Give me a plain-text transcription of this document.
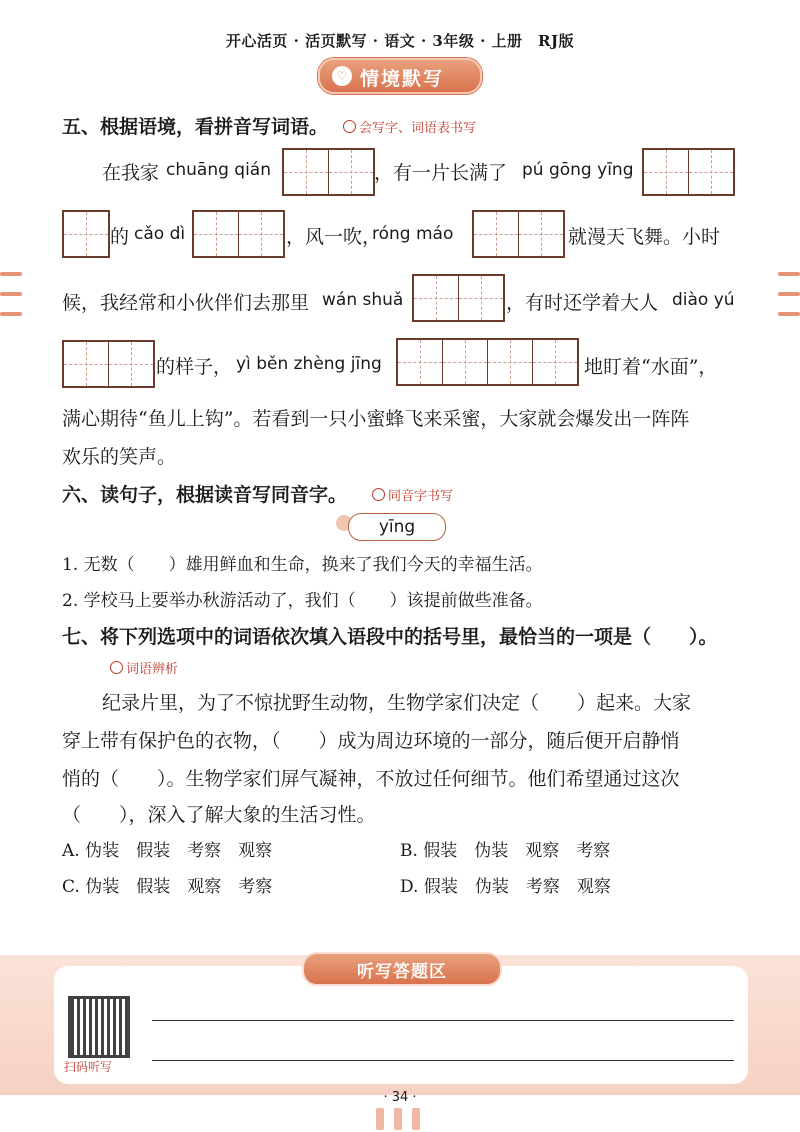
开心活页 · 活页默写 · 语文 · 3年级 · 上册　RJ版
♡ 情境默写
五、根据语境，看拼音写词语。	会写字、词语表书写
在我家 chuāng qián	，有一片长满了 pú gōng yīng
的 cǎo dì	，风一吹，
róng máo	就漫天飞舞。小时
候，我经常和小伙伴们去那里 wán shuǎ	，有时还学着大人 diào yú
的样子， yì běn zhèng jīng	地盯着“水面”，
满心期待“鱼儿上钩”。若看到一只小蜜蜂飞来采蜜，大家就会爆发出一阵阵
欢乐的笑声。
六、读句子，根据读音写同音字。	同音字书写
yīng
1. 无数（　　）雄用鲜血和生命，换来了我们今天的幸福生活。
2. 学校马上要举办秋游活动了，我们（　　）该提前做些准备。
七、将下列选项中的词语依次填入语段中的括号里，最恰当的一项是（　　）。
词语辨析
纪录片里，为了不惊扰野生动物，生物学家们决定（　　）起来。大家
穿上带有保护色的衣物，（　　）成为周边环境的一部分，随后便开启静悄
悄的（　　）。生物学家们屏气凝神，不放过任何细节。他们希望通过这次
（　　），深入了解大象的生活习性。
A. 伪装　假装　考察　观察	B. 假装　伪装　观察　考察
C. 伪装　假装　观察　考察	D. 假装　伪装　考察　观察
听写答题区
扫码听写
· 34 ·
